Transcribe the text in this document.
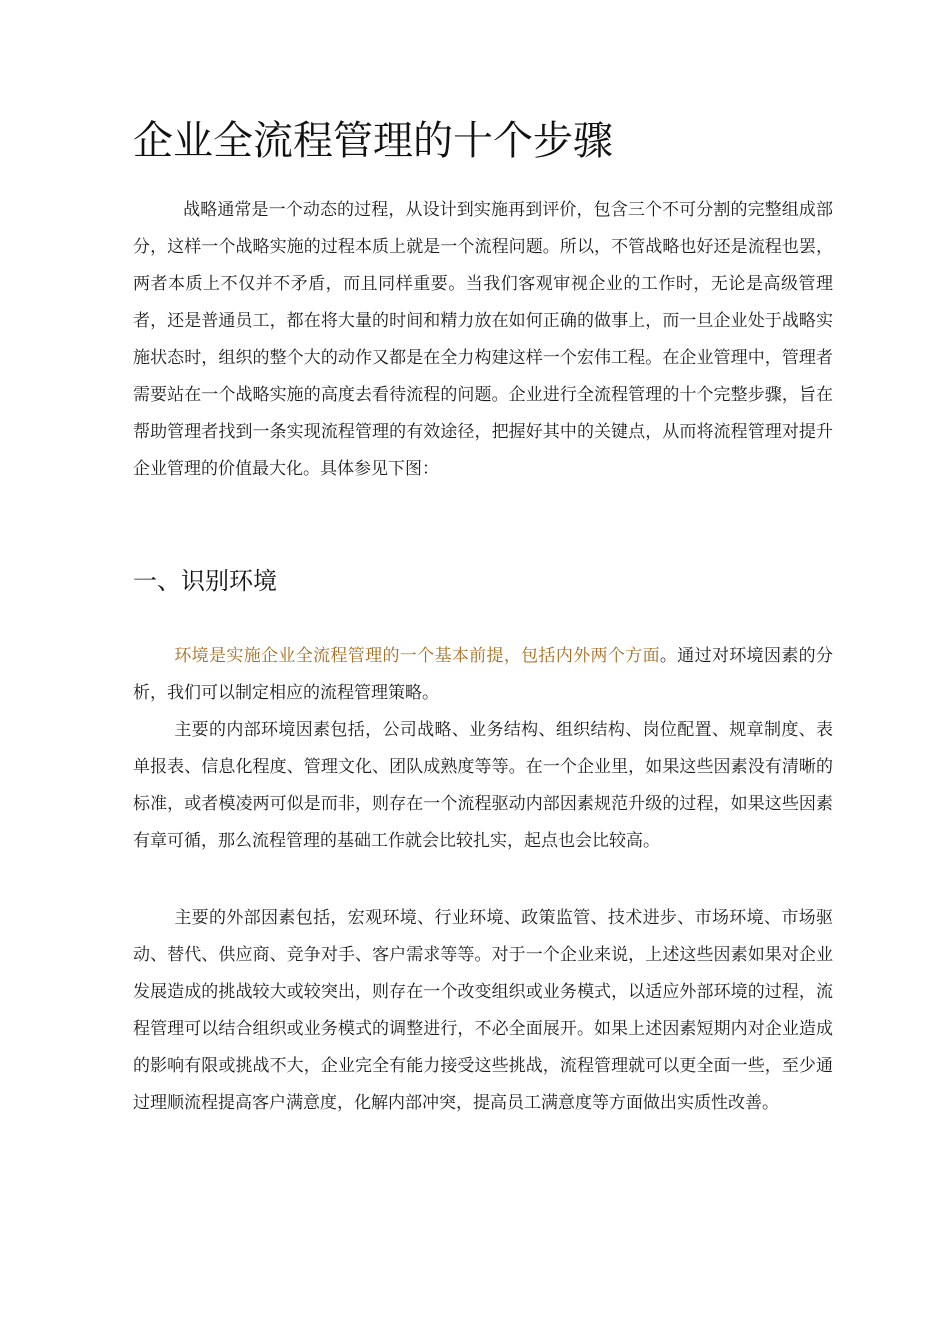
企业全流程管理的十个步骤

战略通常是一个动态的过程，从设计到实施再到评价，包含三个不可分割的完整组成部分，这样一个战略实施的过程本质上就是一个流程问题。所以，不管战略也好还是流程也罢，两者本质上不仅并不矛盾，而且同样重要。当我们客观审视企业的工作时，无论是高级管理者，还是普通员工，都在将大量的时间和精力放在如何正确的做事上，而一旦企业处于战略实施状态时，组织的整个大的动作又都是在全力构建这样一个宏伟工程。在企业管理中，管理者需要站在一个战略实施的高度去看待流程的问题。企业进行全流程管理的十个完整步骤，旨在帮助管理者找到一条实现流程管理的有效途径，把握好其中的关键点，从而将流程管理对提升企业管理的价值最大化。具体参见下图：

一、识别环境

环境是实施企业全流程管理的一个基本前提，包括内外两个方面。通过对环境因素的分析，我们可以制定相应的流程管理策略。

主要的内部环境因素包括，公司战略、业务结构、组织结构、岗位配置、规章制度、表单报表、信息化程度、管理文化、团队成熟度等等。在一个企业里，如果这些因素没有清晰的标准，或者模凌两可似是而非，则存在一个流程驱动内部因素规范升级的过程，如果这些因素有章可循，那么流程管理的基础工作就会比较扎实，起点也会比较高。

主要的外部因素包括，宏观环境、行业环境、政策监管、技术进步、市场环境、市场驱动、替代、供应商、竞争对手、客户需求等等。对于一个企业来说，上述这些因素如果对企业发展造成的挑战较大或较突出，则存在一个改变组织或业务模式，以适应外部环境的过程，流程管理可以结合组织或业务模式的调整进行，不必全面展开。如果上述因素短期内对企业造成的影响有限或挑战不大，企业完全有能力接受这些挑战，流程管理就可以更全面一些，至少通过理顺流程提高客户满意度，化解内部冲突，提高员工满意度等方面做出实质性改善。
